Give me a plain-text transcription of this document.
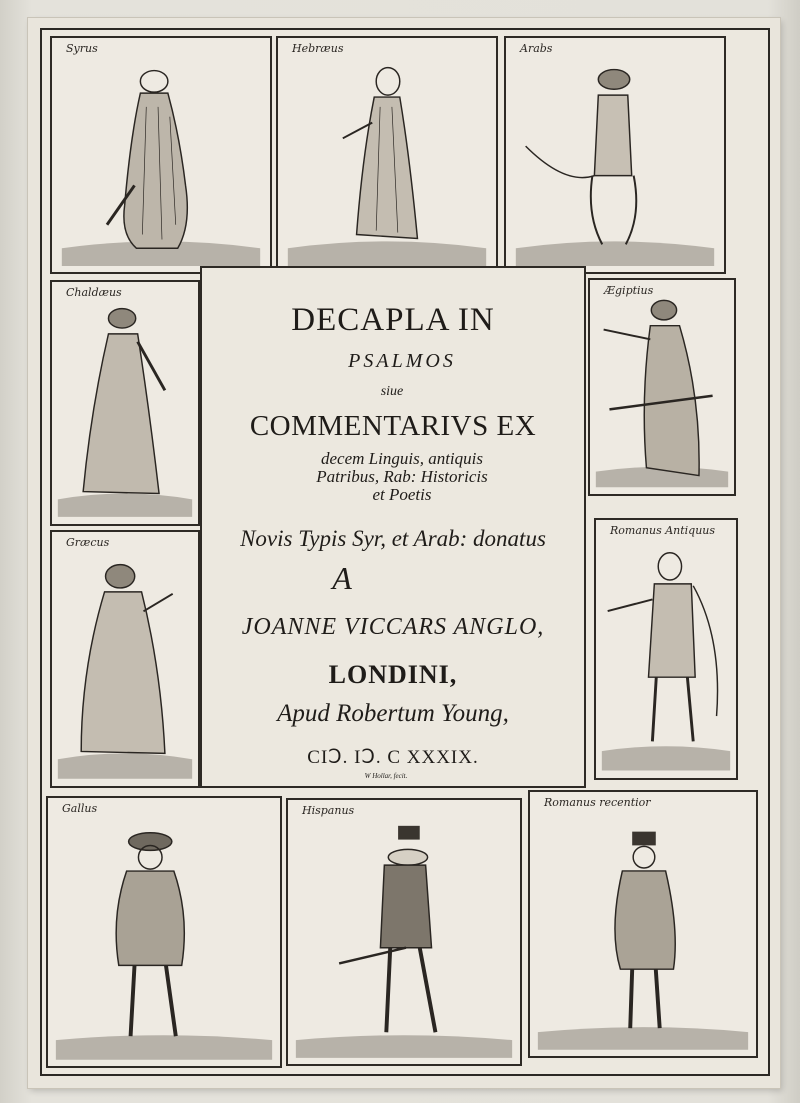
Syrus	Hebræus	Arabs
Chaldæus
Græcus
DECAPLA IN
PSALMOS
siue
COMMENTARIVS EX
decem Linguis, antiquis
Patribus, Rab: Historicis
et Poetis
Novis Typis Syr, et Arab: donatus
A
JOANNE VICCARS ANGLO,
LONDINI,
Apud Robertum Young,
CIↃ. IↃ. C XXXIX.
W Hollar, fecit.
Ægiptius
Romanus Antiquus
Gallus	Hispanus
Romanus recentior
